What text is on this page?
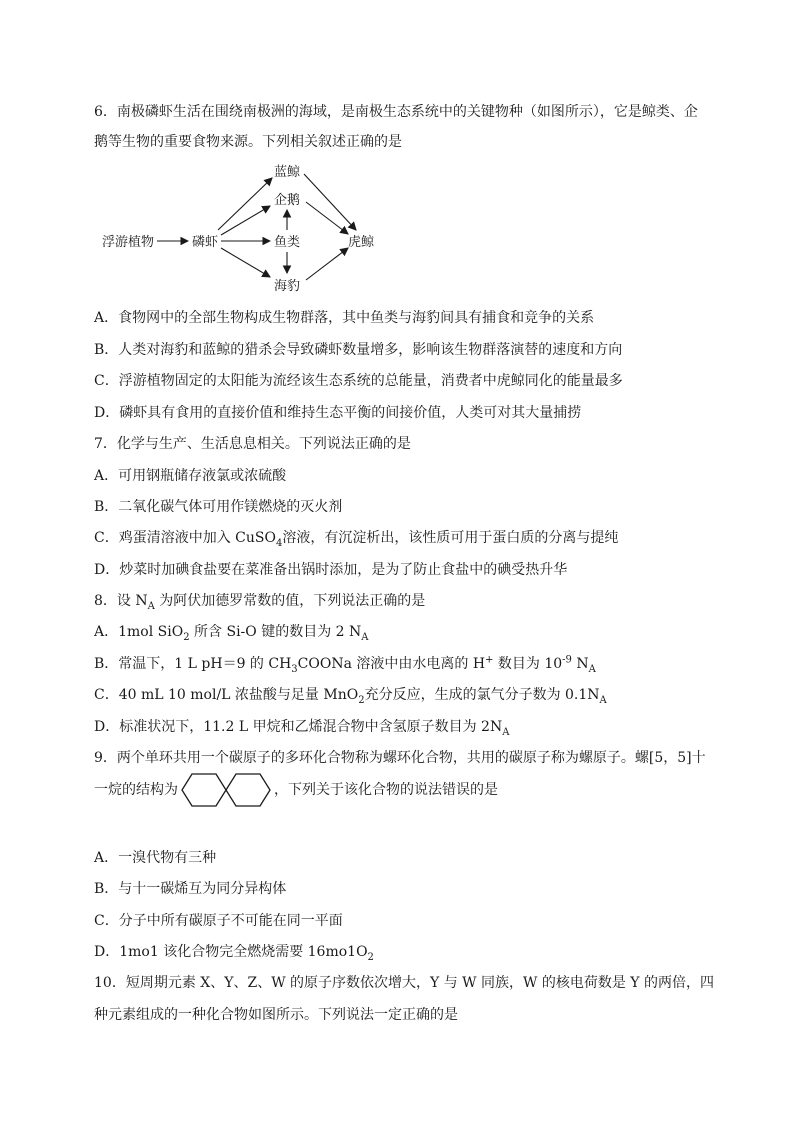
6．南极磷虾生活在围绕南极洲的海域，是南极生态系统中的关键物种（如图所示），它是鲸类、企
鹅等生物的重要食物来源。下列相关叙述正确的是
浮游植物	磷虾
蓝鲸
企鹅
鱼类
海豹
虎鲸
A．食物网中的全部生物构成生物群落，其中鱼类与海豹间具有捕食和竞争的关系
B．人类对海豹和蓝鲸的猎杀会导致磷虾数量增多，影响该生物群落演替的速度和方向
C．浮游植物固定的太阳能为流经该生态系统的总能量，消费者中虎鲸同化的能量最多
D．磷虾具有食用的直接价值和维持生态平衡的间接价值，人类可对其大量捕捞
7．化学与生产、生活息息相关。下列说法正确的是
A．可用钢瓶储存液氯或浓硫酸
B．二氧化碳气体可用作镁燃烧的灭火剂
C．鸡蛋清溶液中加入 CuSO$_4$溶液，有沉淀析出，该性质可用于蛋白质的分离与提纯
D．炒菜时加碘食盐要在菜准备出锅时添加，是为了防止食盐中的碘受热升华
8．设 $N_A$ 为阿伏加德罗常数的值，下列说法正确的是
A．1mol SiO$_2$ 所含 Si-O 键的数目为 2 $N_A$
B．常温下，1 L pH＝9 的 $CH_3COONa$ 溶液中由水电离的 H+ 数目为 $10^{-9}$ $N_A$
C．40 mL 10 mol/L 浓盐酸与足量 MnO$_2$充分反应，生成的氯气分子数为 $0.1N_A$
D．标准状况下，11.2 L 甲烷和乙烯混合物中含氢原子数目为 $2N_A$
9．两个单环共用一个碳原子的多环化合物称为螺环化合物，共用的碳原子称为螺原子。螺[5，5]十
一烷的结构为	，下列关于该化合物的说法错误的是
A．一溴代物有三种
B．与十一碳烯互为同分异构体
C．分子中所有碳原子不可能在同一平面
D．1mo1 该化合物完全燃烧需要 $16mo1O_2$
10．短周期元素 X、Y、Z、W 的原子序数依次增大，Y 与 W 同族，W 的核电荷数是 Y 的两倍，四
种元素组成的一种化合物如图所示。下列说法一定正确的是
